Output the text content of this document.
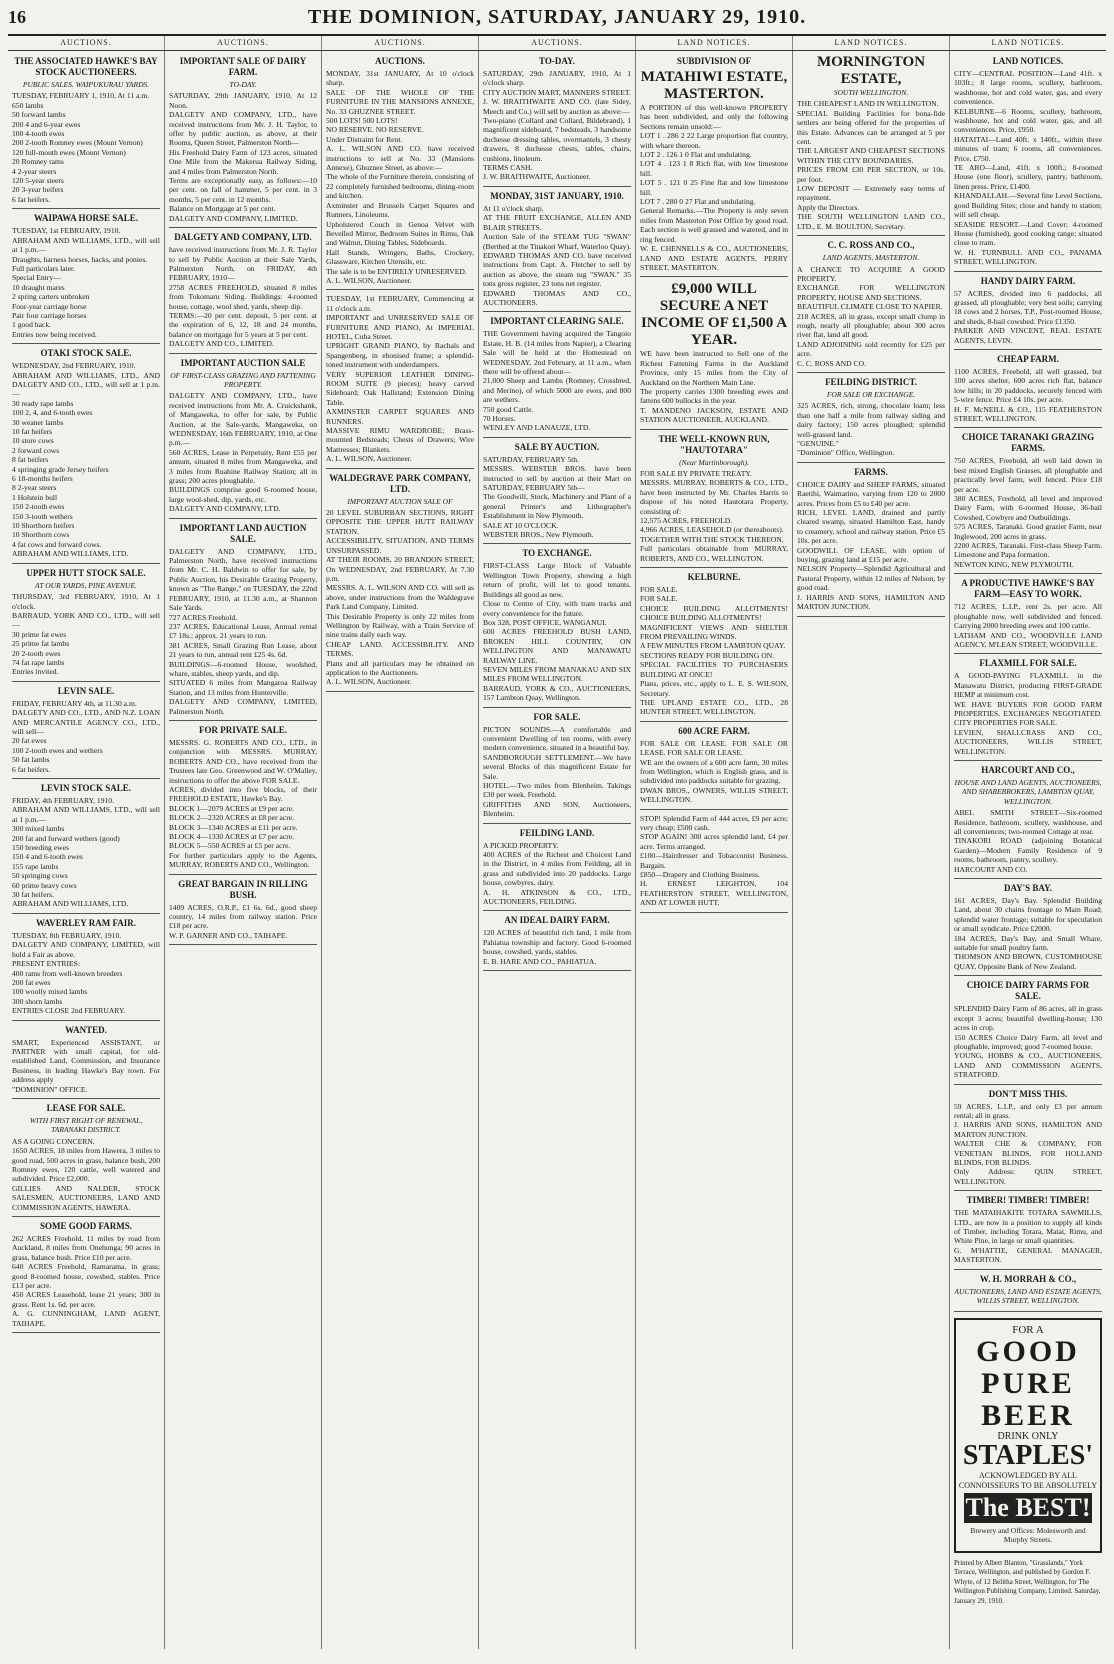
16	THE DOMINION, SATURDAY, JANUARY 29, 1910.
AUCTIONS.	AUCTIONS.	AUCTIONS.	AUCTIONS.	LAND NOTICES.	LAND NOTICES.	LAND NOTICES.
THE ASSOCIATED HAWKE'S BAY STOCK AUCTIONEERS.
PUBLIC SALES. WAIPUKURAU YARDS.

TUESDAY, FEBRUARY 1, 1910, At 11 a.m.

650 lambs

50 forward lambs

200 4 and 6-year ewes

100 4-tooth ewes

200 2-tooth Romney ewes (Mount Vernon)

120 full-mouth ewes (Mount Vernon)

20 Romney rams

4 2-year steers

120 5-year steers

20 3-year heifers

6 fat heifers.

WAIPAWA HORSE SALE.

TUESDAY, 1st FEBRUARY, 1910.

ABRAHAM AND WILLIAMS, LTD., will sell at 1 p.m.—

Draughts, harness horses, hacks, and ponies.

Full particulars later.

Special Entry—

10 draught mares

2 spring carters unbroken

Four-year carriage horse

Pair four carriage horses

1 good hack.

Entries now being received.

OTAKI STOCK SALE.

WEDNESDAY, 2nd FEBRUARY, 1910.

ABRAHAM AND WILLIAMS, LTD., AND DALGETY AND CO., LTD., will sell at 1 p.m.—

30 ready rape lambs

100 2, 4, and 6-tooth ewes

30 weaner lambs

10 fat heifers

10 store cows

2 forward cows

8 fat heifers

4 springing grade Jersey heifers

6 18-months heifers

8 2-year steers

1 Holstein bull

150 2-tooth ewes

150 3-tooth wethers

10 Shorthorn heifers

10 Shorthorn cows

4 fat cows and forward cows.

ABRAHAM AND WILLIAMS, LTD.

UPPER HUTT STOCK SALE.
AT OUR YARDS, PINE AVENUE.

THURSDAY, 3rd FEBRUARY, 1910, At 1 o'clock.

BARRAUD, YORK AND CO., LTD., will sell—

30 prime fat ewes

25 prime fat lambs

20 2-tooth ewes

74 fat rape lambs

Entries invited.

LEVIN SALE.

FRIDAY, FEBRUARY 4th, at 11.30 a.m.

DALGETY AND CO., LTD., AND N.Z. LOAN AND MERCANTILE AGENCY CO., LTD., will sell—

20 fat ewes

100 2-tooth ewes and wethers

50 fat lambs

6 fat heifers.

LEVIN STOCK SALE.

FRIDAY, 4th FEBRUARY, 1910.

ABRAHAM AND WILLIAMS, LTD., will sell at 1 p.m.—

300 mixed lambs

200 fat and forward wethers (good)

150 breeding ewes

150 4 and 6-tooth ewes

155 rape lambs

50 springing cows

60 prime heavy cows

30 fat heifers.

ABRAHAM AND WILLIAMS, LTD.

WAVERLEY RAM FAIR.

TUESDAY, 8th FEBRUARY, 1910.

DALGETY AND COMPANY, LIMITED, will hold a Fair as above.

PRESENT ENTRIES:

400 rams from well-known breeders

200 fat ewes

100 woolly mixed lambs

300 shorn lambs

ENTRIES CLOSE 2nd FEBRUARY.

WANTED.

SMART, Experienced ASSISTANT, or PARTNER with small capital, for old-established Land, Commission, and Insurance Business, in leading Hawke's Bay town. For address apply

"DOMINION" OFFICE.

LEASE FOR SALE.
WITH FIRST RIGHT OF RENEWAL, TARANAKI DISTRICT.

AS A GOING CONCERN.

1650 ACRES, 18 miles from Hawera, 3 miles to good road, 500 acres in grass, balance bush, 200 Romney ewes, 120 cattle, well watered and subdivided. Price £2,000.

GILLIES AND NALDER, STOCK SALESMEN, AUCTIONEERS, LAND AND COMMISSION AGENTS, HAWERA.

SOME GOOD FARMS.

262 ACRES Freehold, 11 miles by road from Auckland, 8 miles from Onehunga; 90 acres in grass, balance bush. Price £10 per acre.

640 ACRES Freehold, Ramarama, in grass; good 8-roomed house, cowshed, stables. Price £13 per acre.

450 ACRES Leasehold, lease 21 years; 300 in grass. Rent 1s. 6d. per acre.

A. G. CUNNINGHAM, LAND AGENT, TAIHAPE.

IMPORTANT SALE OF DAIRY FARM.
TO-DAY.

SATURDAY, 29th JANUARY, 1910, At 12 Noon.

DALGETY AND COMPANY, LTD., have received instructions from Mr. J. H. Taylor, to offer by public auction, as above, at their Rooms, Queen Street, Palmerston North—

His Freehold Dairy Farm of 123 acres, situated One Mile from the Makerua Railway Siding, and 4 miles from Palmerston North.

Terms are exceptionally easy, as follows:—10 per cent. on fall of hammer, 5 per cent. in 3 months, 5 per cent. in 12 months.

Balance on Mortgage at 5 per cent.

DALGETY AND COMPANY, LIMITED.

DALGETY AND COMPANY, LTD.

have received instructions from Mr. J. R. Taylor to sell by Public Auction at their Sale Yards, Palmerston North, on FRIDAY, 4th FEBRUARY, 1910—

2758 ACRES FREEHOLD, situated 8 miles from Tokomaru Siding. Buildings: 4-roomed house, cottage, wool shed, yards, sheep dip.

TERMS:—20 per cent. deposit, 5 per cent. at the expiration of 6, 12, 18 and 24 months, balance on mortgage for 5 years at 5 per cent.

DALGETY AND CO., LIMITED.

IMPORTANT AUCTION SALE
OF FIRST-CLASS GRAZING AND FATTENING PROPERTY.

DALGETY AND COMPANY, LTD., have received instructions from Mr. A. Cruickshank, of Mangaweka, to offer for sale, by Public Auction, at the Sale-yards, Mangaweka, on WEDNESDAY, 16th FEBRUARY, 1910, at One p.m.—

560 ACRES, Lease in Perpetuity, Rent £55 per annum, situated 8 miles from Mangaweka, and 3 miles from Ruahine Railway Station; all in grass; 200 acres ploughable.

BUILDINGS comprise good 6-roomed house, large wool-shed, dip, yards, etc.

DALGETY AND COMPANY, LTD.

IMPORTANT LAND AUCTION SALE.

DALGETY AND COMPANY, LTD., Palmerston North, have received instructions from Mr. C. H. Baldwin to offer for sale, by Public Auction, his Desirable Grazing Property, known as "The Range," on TUESDAY, the 22nd FEBRUARY, 1910, at 11.30 a.m., at Shannon Sale Yards.

727 ACRES Freehold.

237 ACRES, Educational Lease, Annual rental £7 18s.; approx. 21 years to run.

381 ACRES, Small Grazing Run Lease, about 21 years to run, annual rent £25 4s. 6d.

BUILDINGS—6-roomed House, woolshed, whare, stables, sheep yards, and dip.

SITUATED 6 miles from Mangaroa Railway Station, and 13 miles from Hunterville.

DALGETY AND COMPANY, LIMITED, Palmerston North.

FOR PRIVATE SALE.

MESSRS. G. ROBERTS AND CO., LTD., in conjunction with MESSRS. MURRAY, ROBERTS AND CO., have received from the Trustees late Geo. Greenwood and W. O'Malley, instructions to offer the above FOR SALE.

ACRES, divided into five blocks, of their FREEHOLD ESTATE, Hawke's Bay.

BLOCK 1—2079 ACRES at £9 per acre.

BLOCK 2—2320 ACRES at £8 per acre.

BLOCK 3—1340 ACRES at £11 per acre.

BLOCK 4—1330 ACRES at £7 per acre.

BLOCK 5—550 ACRES at £5 per acre.

For further particulars apply to the Agents, MURRAY, ROBERTS AND CO., Wellington.

GREAT BARGAIN IN RILLING BUSH.

1409 ACRES, O.R.P., £1 6s. 6d., good sheep country, 14 miles from railway station. Price £18 per acre.

W. P. GARNER AND CO., TAIHAPE.

AUCTIONS.

MONDAY, 31st JANUARY, At 10 o'clock sharp.

SALE OF THE WHOLE OF THE FURNITURE IN THE MANSIONS ANNEXE, No. 33 GHUZNEE STREET.

500 LOTS! 500 LOTS!

NO RESERVE. NO RESERVE.

Under Distraint for Rent.

A. L. WILSON AND CO. have received instructions to sell at No. 33 (Mansions Annexe), Ghuznee Street, as above:—

The whole of the Furniture therein, consisting of 22 completely furnished bedrooms, dining-room and kitchen.

Axminster and Brussels Carpet Squares and Runners, Linoleums.

Upholstered Couch in Genoa Velvet with Bevelled Mirror, Bedroom Suites in Rimu, Oak and Walnut, Dining Tables, Sideboards.

Hall Stands, Wringers, Baths, Crockery, Glassware, Kitchen Utensils, etc.

The sale is to be ENTIRELY UNRESERVED.

A. L. WILSON, Auctioneer.

TUESDAY, 1st FEBRUARY, Commencing at 11 o'clock a.m.

IMPORTANT and UNRESERVED SALE OF FURNITURE AND PIANO, At IMPERIAL HOTEL, Cuba Street.

UPRIGHT GRAND PIANO, by Rachals and Spangenberg, in ebonised frame; a splendid-toned instrument with underdampers.

VERY SUPERIOR LEATHER DINING-ROOM SUITE (9 pieces); heavy carved Sideboard; Oak Hallstand; Extension Dining Table.

AXMINSTER CARPET SQUARES AND RUNNERS.

MASSIVE RIMU WARDROBE; Brass-mounted Bedsteads; Chests of Drawers; Wire Mattresses; Blankets.

A. L. WILSON, Auctioneer.

WALDEGRAVE PARK COMPANY, LTD.
IMPORTANT AUCTION SALE OF

20 LEVEL SUBURBAN SECTIONS, RIGHT OPPOSITE THE UPPER HUTT RAILWAY STATION.

ACCESSIBILITY, SITUATION, AND TERMS UNSURPASSED.

AT THEIR ROOMS, 20 BRANDON STREET, On WEDNESDAY, 2nd FEBRUARY, At 7.30 p.m.

MESSRS. A. L. WILSON AND CO. will sell as above, under instructions from the Waldegrave Park Land Company, Limited.

This Desirable Property is only 22 miles from Wellington by Railway, with a Train Service of nine trains daily each way.

CHEAP LAND. ACCESSIBILITY. AND TERMS.

Plans and all particulars may be obtained on application to the Auctioneers.

A. L. WILSON, Auctioneer.

TO-DAY.

SATURDAY, 29th JANUARY, 1910, At 1 o'clock sharp.

CITY AUCTION MART, MANNERS STREET.

J. W. BRAITHWAITE AND CO. (late Sidey, Meech and Co.) will sell by auction as above:—

Two-piano (Collard and Collard, Bildebrand), 1 magnificent sideboard, 7 bedsteads, 3 handsome duchesse dressing tables, overmantels, 3 chesty drawers, 8 duchesse chests, tables, chairs, cushions, linoleum.

TERMS CASH.

J. W. BRAITHWAITE, Auctioneer.

MONDAY, 31ST JANUARY, 1910.

At 11 o'clock sharp.

AT THE FRUIT EXCHANGE, ALLEN AND BLAIR STREETS.

Auction Sale of the STEAM TUG "SWAN" (Berthed at the Tinakori Wharf, Waterloo Quay).

EDWARD THOMAS AND CO. have received instructions from Capt. A. Fletcher to sell by auction as above, the steam tug "SWAN." 35 tons gross register, 23 tons net register.

EDWARD THOMAS AND CO., AUCTIONEERS.

IMPORTANT CLEARING SALE.

THE Government having acquired the Tangoio Estate, H. B. (14 miles from Napier), a Clearing Sale will be held at the Homestead on WEDNESDAY, 2nd February, at 11 a.m., when there will be offered about—

21,000 Sheep and Lambs (Romney, Crossbred, and Merino), of which 5000 are ewes, and 800 are wethers.

750 good Cattle.

70 Horses.

WENLEY AND LANAUZE, LTD.

SALE BY AUCTION.

SATURDAY, FEBRUARY 5th.

MESSRS. WEBSTER BROS. have been instructed to sell by auction at their Mart on SATURDAY, FEBRUARY 5th—

The Goodwill, Stock, Machinery and Plant of a general Printer's and Lithographer's Establishment in New Plymouth.

SALE AT 10 O'CLOCK.

WEBSTER BROS., New Plymouth.

TO EXCHANGE.

FIRST-CLASS Large Block of Valuable Wellington Town Property, showing a high return of profit, will let to good tenants. Buildings all good as new.

Close to Centre of City, with tram tracks and every convenience for the future.

Box 328, POST OFFICE, WANGANUI.

600 ACRES FREEHOLD BUSH LAND, BROKEN HILL COUNTRY, ON WELLINGTON AND MANAWATU RAILWAY LINE.

SEVEN MILES FROM MANAKAU AND SIX MILES FROM WELLINGTON.

BARRAUD, YORK & CO., AUCTIONEERS, 157 Lambton Quay, Wellington.

FOR SALE.

PICTON SOUNDS.—A comfortable and convenient Dwelling of ten rooms, with every modern convenience, situated in a beautiful bay.

SANDBOROUGH SETTLEMENT.—We have several Blocks of this magnificent Estate for Sale.

HOTEL.—Two miles from Blenheim. Takings £30 per week. Freehold.

GRIFFITHS AND SON, Auctioneers, Blenheim.

FEILDING LAND.

A PICKED PROPERTY.

400 ACRES of the Richest and Choicest Land in the District, in 4 miles from Feilding, all in grass and subdivided into 20 paddocks. Large house, cowbyres, dairy.

A. H. ATKINSON & CO., LTD., AUCTIONEERS, FEILDING.

AN IDEAL DAIRY FARM.

120 ACRES of beautiful rich land, 1 mile from Pahiatua township and factory. Good 6-roomed house, cowshed, yards, stables.

E. B. HARE AND CO., PAHIATUA.

SUBDIVISION OF
MATAHIWI ESTATE, MASTERTON.

A PORTION of this well-known PROPERTY has been subdivided, and only the following Sections remain unsold:—

LOT 1 . 286 2 22 Large proportion flat country, with whare thereon.

LOT 2 . 126 1 0 Flat and undulating.

LOT 4 . 123 1 8 Rich flat, with low limestone hill.

LOT 5 . 121 0 25 Fine flat and low limestone hill.

LOT 7 . 280 0 27 Flat and undulating.

General Remarks.—The Property is only seven miles from Masterton Post Office by good road. Each section is well grassed and watered, and in ring fenced.

W. E. CHENNELLS & CO., AUCTIONEERS, LAND AND ESTATE AGENTS, PERRY STREET, MASTERTON.

£9,000 WILL SECURE A NET INCOME OF £1,500 A YEAR.

WE have been instructed to Sell one of the Richest Fattening Farms in the Auckland Province, only 15 miles from the City of Auckland on the Northern Main Line.

The property carries 1300 breeding ewes and fattens 600 bullocks in the year.

T. MANDENO JACKSON, ESTATE AND STATION AUCTIONEER, AUCKLAND.

THE WELL-KNOWN RUN, "HAUTOTARA"
(Near Martinborough).

FOR SALE BY PRIVATE TREATY.

MESSRS. MURRAY, ROBERTS & CO., LTD., have been instructed by Mr. Charles Harris to dispose of his noted Hautotara Property, consisting of:

12,575 ACRES, FREEHOLD.

4,966 ACRES, LEASEHOLD (or thereabouts).

TOGETHER WITH THE STOCK THEREON.

Full particulars obtainable from MURRAY, ROBERTS, AND CO., WELLINGTON.

KELBURNE.

FOR SALE.

FOR SALE.

CHOICE BUILDING ALLOTMENTS! CHOICE BUILDING ALLOTMENTS!

MAGNIFICENT VIEWS AND SHELTER FROM PREVAILING WINDS.

A FEW MINUTES FROM LAMBTON QUAY.

SECTIONS READY FOR BUILDING ON.

SPECIAL FACILITIES TO PURCHASERS BUILDING AT ONCE!

Plans, prices, etc., apply to L. E. S. WILSON, Secretary.

THE UPLAND ESTATE CO., LTD., 28 HUNTER STREET, WELLINGTON.

600 ACRE FARM.

FOR SALE OR LEASE. FOR SALE OR LEASE. FOR SALE OR LEASE.

WE are the owners of a 600 acre farm, 30 miles from Wellington, which is English grass, and is subdivided into paddocks suitable for grazing.

DWAN BROS., OWNERS, WILLIS STREET, WELLINGTON.

STOP! Splendid Farm of 444 acres, £9 per acre; very cheap; £500 cash.

STOP AGAIN! 300 acres splendid land, £4 per acre. Terms arranged.

£100—Hairdresser and Tobacconist Business. Bargain.

£850—Drapery and Clothing Business.

H. ERNEST LEIGHTON, 104 FEATHERSTON STREET, WELLINGTON, AND AT LOWER HUTT.

MORNINGTON ESTATE,
SOUTH WELLINGTON.

THE CHEAPEST LAND IN WELLINGTON.

SPECIAL Building Facilities for bona-fide settlers are being offered for the properties of this Estate. Advances can be arranged at 5 per cent.

THE LARGEST AND CHEAPEST SECTIONS WITHIN THE CITY BOUNDARIES.

PRICES FROM £30 PER SECTION, or 10s. per foot.

LOW DEPOSIT — Extremely easy terms of repayment.

Apply the Directors.

THE SOUTH WELLINGTON LAND CO., LTD., E. M. BOULTON, Secretary.

C. C. ROSS AND CO.,
LAND AGENTS, MASTERTON.

A CHANCE TO ACQUIRE A GOOD PROPERTY.

EXCHANGE FOR WELLINGTON PROPERTY, HOUSE AND SECTIONS.

BEAUTIFUL CLIMATE CLOSE TO NAPIER.

218 ACRES, all in grass, except small clump in rough, nearly all ploughable; about 300 acres river flat, land all good.

LAND ADJOINING sold recently for £25 per acre.

C. C. ROSS AND CO.

FEILDING DISTRICT.
FOR SALE OR EXCHANGE.

325 ACRES, rich, strong, chocolate loam; less than one half a mile from railway siding and dairy factory; 150 acres ploughed; splendid well-grassed land.

"GENUINE."

"Dominion" Office, Wellington.

FARMS.

CHOICE DAIRY and SHEEP FARMS, situated Raetihi, Waimarino, varying from 120 to 2000 acres. Prices from £5 to £40 per acre.

RICH, LEVEL LAND, drained and partly cleared swamp, situated Hamilton East, handy to creamery, school and railway station. Price £5 10s. per acre.

GOODWILL OF LEASE, with option of buying, grazing land at £15 per acre.

NELSON Property—Splendid Agricultural and Pastoral Property, within 12 miles of Nelson, by good road.

J. HARRIS AND SONS, HAMILTON AND MARTON JUNCTION.

LAND NOTICES.

CITY—CENTRAL POSITION—Land 41ft. x 103ft.; 8 large rooms, scullery, bathroom, washhouse, hot and cold water, gas, and every convenience.

KELBURNE—6 Rooms, scullery, bathroom, washhouse, hot and cold water, gas, and all conveniences. Price, £950.

HATAITAI—Land 40ft. x 140ft., within three minutes of tram; 6 rooms, all conveniences. Price, £750.

TE ARO—Land, 41ft. x 100ft.; 8-roomed House (one floor), scullery, pantry, bathroom, linen press. Price, £1400.

KHANDALLAH.—Several fine Level Sections, good Building Sites; close and handy to station; will sell cheap.

SEASIDE RESORT.—Land Cover; 4-roomed House (furnished), good cooking range; situated close to tram.

W. H. TURNBULL AND CO., PANAMA STREET, WELLINGTON.

HANDY DAIRY FARM.

57 ACRES, divided into 6 paddocks, all grassed, all ploughable; very best soils; carrying 18 cows and 2 horses, T.P., Post-roomed House, and sheds, 8-bail cowshed. Price £1350.

PARKER AND VINCENT, REAL ESTATE AGENTS, LEVIN.

CHEAP FARM.

1100 ACRES, Freehold, all well grassed, but 100 acres shelter, 600 acres rich flat, balance low hills; in 20 paddocks, securely fenced with 5-wire fence. Price £4 10s. per acre.

H. F. McNEILL & CO., 115 FEATHERSTON STREET, WELLINGTON.

CHOICE TARANAKI GRAZING FARMS.

750 ACRES, Freehold, all well laid down in best mixed English Grasses, all ploughable and practically level farm, well fenced. Price £18 per acre.

380 ACRES, Freehold, all level and improved Dairy Farm, with 6-roomed House, 36-bail Cowshed, Cowbyre and Outbuildings.

575 ACRES, Taranaki. Good grazier Farm, near Inglewood, 200 acres in grass.

2200 ACRES, Taranaki. First-class Sheep Farm. Limestone and Papa formation.

NEWTON KING, NEW PLYMOUTH.

A PRODUCTIVE HAWKE'S BAY FARM—EASY TO WORK.

712 ACRES, L.I.P., rent 2s. per acre. All ploughable now, well subdivided and fenced. Carrying 2000 breeding ewes and 100 cattle.

LATHAM AND CO., WOODVILLE LAND AGENCY, M'LEAN STREET, WOODVILLE.

FLAXMILL FOR SALE.

A GOOD-PAYING FLAXMILL in the Manawatu District, producing FIRST-GRADE HEMP at minimum cost.

WE HAVE BUYERS FOR GOOD FARM PROPERTIES. EXCHANGES NEGOTIATED. CITY PROPERTIES FOR SALE.

LEVIEN, SHALLCRASS AND CO., AUCTIONEERS, WILLIS STREET, WELLINGTON.

HARCOURT AND CO.,
HOUSE AND LAND AGENTS, AUCTIONEERS, AND SHAREBROKERS, LAMBTON QUAY, WELLINGTON.

ABEL SMITH STREET—Six-roomed Residence, bathroom, scullery, washhouse, and all conveniences; two-roomed Cottage at rear.

TINAKORI ROAD (adjoining Botanical Garden)—Modern Family Residence of 9 rooms, bathroom, pantry, scullery.

HARCOURT AND CO.

DAY'S BAY.

161 ACRES, Day's Bay. Splendid Building Land, about 30 chains frontage to Main Road; splendid water frontage; suitable for speculation or small syndicate. Price £2000.

184 ACRES, Day's Bay, and Small Whare, suitable for small poultry farm.

THOMSON AND BROWN, CUSTOMHOUSE QUAY, Opposite Bank of New Zealand.

CHOICE DAIRY FARMS FOR SALE.

SPLENDID Dairy Farm of 86 acres, all in grass except 3 acres; beautiful dwelling-house; 130 acres in crop.

150 ACRES Choice Dairy Farm, all level and ploughable, improved; good 7-roomed house.

YOUNG, HOBBS & CO., AUCTIONEERS, LAND AND COMMISSION AGENTS, STRATFORD.

DON'T MISS THIS.

59 ACRES, L.I.P., and only £3 per annum rental; all in grass.

J. HARRIS AND SONS, HAMILTON AND MARTON JUNCTION.

WALTER CHE & COMPANY, FOR VENETIAN BLINDS, FOR HOLLAND BLINDS, FOR BLINDS.

Only Address: QUIN STREET, WELLINGTON.

TIMBER! TIMBER! TIMBER!

THE MATAIHAKITE TOTARA SAWMILLS, LTD., are now in a position to supply all kinds of Timber, including Totara, Matai, Rimu, and White Pine, in large or small quantities.

G. M'HATTIE, GENERAL MANAGER, MASTERTON.

W. H. MORRAH & CO.,
AUCTIONEERS, LAND AND ESTATE AGENTS, WILLIS STREET, WELLINGTON.
FOR A
GOOD PURE BEER
DRINK ONLY
STAPLES'
ACKNOWLEDGED BY ALL CONNOISSEURS TO BE ABSOLUTELY
The BEST!
Brewery and Offices: Molesworth and Murphy Streets.
Printed by Albert Blanton, "Grasslands," York Terrace, Wellington, and published by Gordon F. Whyte, of 12 Belitha Street, Wellington, for The Wellington Publishing Company, Limited. Saturday, January 29, 1910.
